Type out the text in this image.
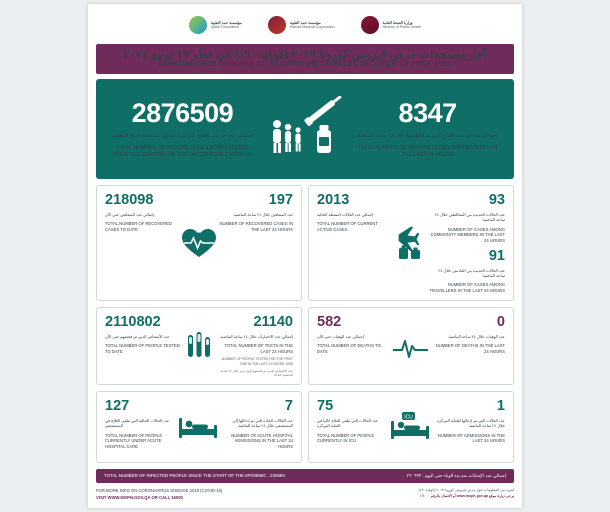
مؤسسة حمد الطبية
Qatar Foundation
مؤسسة حمد الطبية
Hamad Medical Corporation
وزارة الصحة العامة
Ministry of Public Health
آخر مستجدات مرض فيروس كورونا ٢٠١٩ (كوفيد- ١٩) في قطر ١٩ يونيو ٢٠٢١
CORONAVIRUS DISEASE 2019 (COVID-19) UPDATES IN QATAR 19 JUNE 2021
2876509
إجمالي عدد جرعات اللقاح التي تم إعطاؤها منذ بداية حملة التطعيم
TOTAL NUMBER OF VACCINE DOSES ADMINISTERED SINCE THE STARTING OF THE VACCINATION CAMPAIGN
8347
إجمالي عدد جرعات اللقاح التي تم إعطاؤها خلال ٢٤ ساعة الماضية
TOTAL NUMBER OF VACCINE DOSES ADMINISTERED IN THE LAST 24 HOURS
218098
إجمالي عدد المتعافين حتى الآن
TOTAL NUMBER OF RECOVERED CASES TO DATE
197
عدد المتعافين خلال ٢٤ ساعة الماضية
NUMBER OF RECOVERED CASES IN THE LAST 24 HOURS
2013
إجمالي عدد الحالات النشطة الحالية
TOTAL NUMBER OF CURRENT ACTIVE CASES
93
عدد الحالات الجديدة بين المخالطين خلال ٢٤ ساعة الماضية
NUMBER OF CASES AMONG COMMUNITY MEMBERS IN THE LAST 24 HOURS
91
عدد الحالات الجديدة بين القادمين خلال ٢٤ ساعة الماضية
NUMBER OF CASES AMONG TRAVELLERS IN THE LAST 24 HOURS
2110802
عدد الأشخاص الذين تم فحصهم حتى الآن
TOTAL NUMBER OF PEOPLE TESTED TO DATE
21140
إجمالي عدد الاختبارات خلال ٢٤ ساعة الماضية
TOTAL NUMBER OF TESTS IN THE LAST 24 HOURS
NUMBER OF PEOPLE TESTED FOR THE FIRST TIME IN THE LAST 24 HOURS: 5255
عدد الأشخاص الذين تم فحصهم لأول مرة خلال ٢٤ ساعة الماضية: ٥٢٥٥
582
إجمالي عدد الوفيات حتى الآن
TOTAL NUMBER OF DEATHS TO DATE
0
عدد الوفيات خلال ٢٤ ساعة الماضية
NUMBER OF DEATHS IN THE LAST 24 HOURS
127
عدد الحالات الحالية التي تتلقى العلاج في المستشفى
TOTAL NUMBER OF PEOPLE CURRENTLY UNDER ACUTE HOSPITAL CARE
7
عدد الحالات الحادة التي تم إدخالها إلى المستشفى خلال ٢٤ ساعة الماضية
NUMBER OF ACUTE HOSPITAL ADMISSIONS IN THE LAST 24 HOURS
75
عدد الحالات التي تتلقى العلاج حالياً في العناية المركزة
TOTAL NUMBER OF PEOPLE CURRENTLY IN ICU
ICU
1
عدد الحالات التي تم إدخالها للعناية المركزة خلال ٢٤ ساعة الماضية
NUMBER OF ADMISSIONS IN THE LAST 24 HOURS
TOTAL NUMBER OF INFECTED PEOPLE SINCE THE START OF THE EPIDEMIC : 220693	إجمالي عدد الإصابات منذ بدء الوباء حتى اليوم : ٢٢٠٦٩٣
FOR MORE INFO ON CORONAVIRUS DISEASE 2019 (COVID-19)
VISIT WWW.MOPH.GOV.QA OR CALL 16000
لمزيد من المعلومات حول مرض فيروس كورونا ٢٠١٩ (كوفيد- ١٩)
يرجى زيارة موقع www.moph.gov.qa أو الاتصال بالرقم ١٦٠٠٠
